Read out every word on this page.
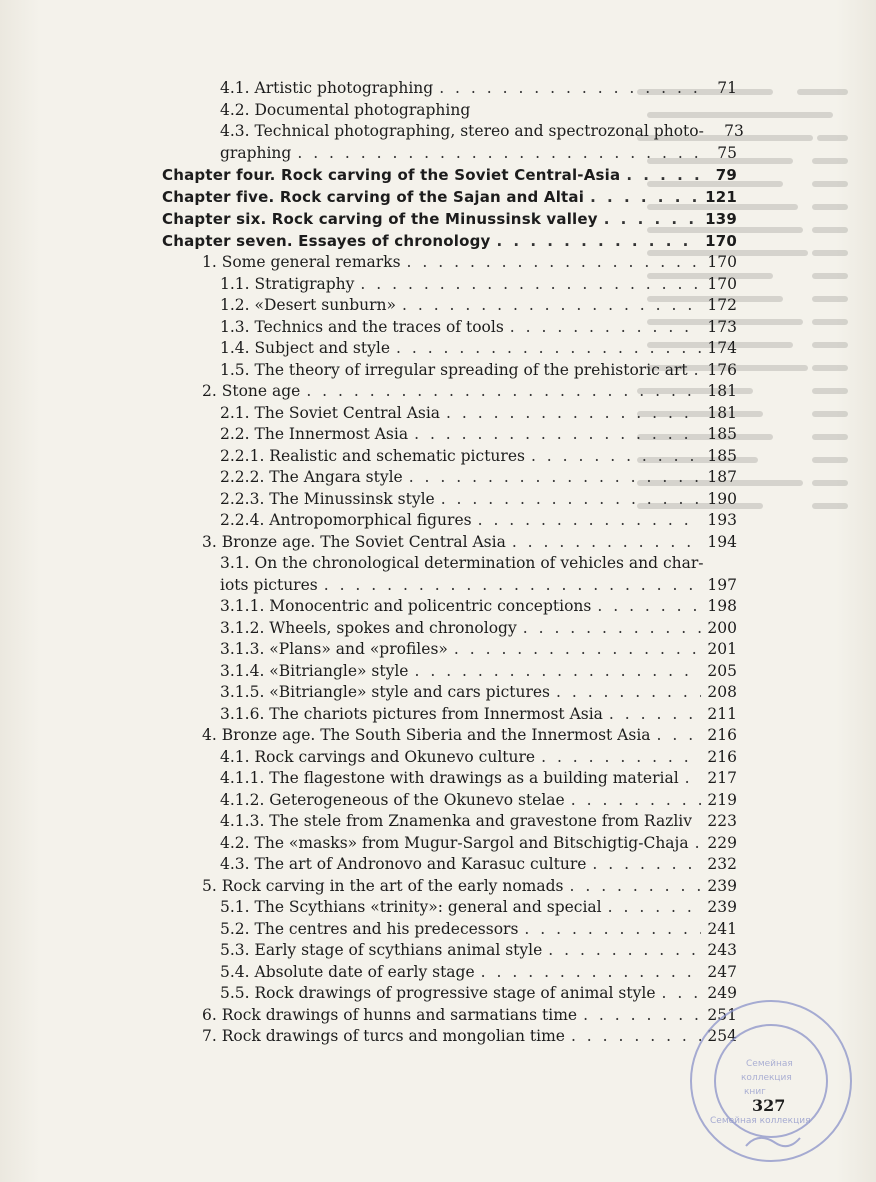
4.1. Artistic photographing . . .	71
4.2. Documental photographing
4.3. Technical photographing, stereo and spectrozonal photo-	73
graphing . . .	75
Chapter four. Rock carving of the Soviet Central-Asia . . .	79
Chapter five. Rock carving of the Sajan and Altai . . .	121
Chapter six. Rock carving of the Minussinsk valley . . .	139
Chapter seven. Essayes of chronology . . .	170
1. Some general remarks . . .	170
1.1. Stratigraphy . . .	170
1.2. «Desert sunburn» . . .	172
1.3. Technics and the traces of tools . . .	173
1.4. Subject and style . . .	174
1.5. The theory of irregular spreading of the prehistoric art . . . 176
2. Stone age . . .	181
2.1. The Soviet Central Asia . . .	181
2.2. The Innermost Asia . . .	185
2.2.1. Realistic and schematic pictures . . .	185
2.2.2. The Angara style . . .	187
2.2.3. The Minussinsk style . . .	190
2.2.4. Antropomorphical figures . . .	193
3. Bronze age. The Soviet Central Asia . . .	194
3.1. On the chronological determination of vehicles and char-
iots pictures . . .	197
3.1.1. Monocentric and policentric conceptions . . .	198
3.1.2. Wheels, spokes and chronology . . .	200
3.1.3. «Plans» and «profiles» . . .	201
3.1.4. «Bitriangle» style . . .	205
3.1.5. «Bitriangle» style and cars pictures . . .	208
3.1.6. The chariots pictures from Innermost Asia . . .	211
4. Bronze age. The South Siberia and the Innermost Asia . . .	216
4.1. Rock carvings and Okunevo culture . . .	216
4.1.1. The flagestone with drawings as a building material . . . 217
4.1.2. Geterogeneous of the Okunevo stelae . . .	219
4.1.3. The stele from Znamenka and gravestone from Razliv 223
4.2. The «masks» from Mugur-Sargol and Bitschigtig-Chaja . . . 229
4.3. The art of Andronovo and Karasuc culture . . .	232
5. Rock carving in the art of the early nomads . . .	239
5.1. The Scythians «trinity»: general and special . . .	239
5.2. The centres and his predecessors . . .	241
5.3. Early stage of scythians animal style . . .	243
5.4. Absolute date of early stage . . .	247
5.5. Rock drawings of progressive stage of animal style . . .	249
6. Rock drawings of hunns and sarmatians time . . .	251
7. Rock drawings of turcs and mongolian time . . .	254
327
Семейная
коллекция
книг
Семейная коллекция
